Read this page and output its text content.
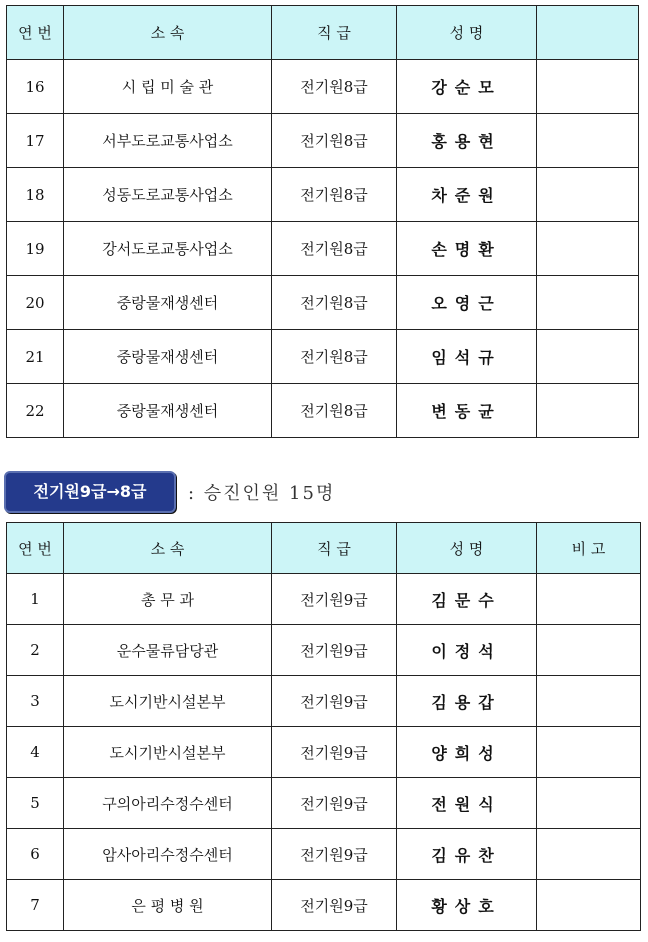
연 번	소 속	직 급	성 명	
16	시 립 미 술 관	전기원8급	강순모	
17	서부도로교통사업소	전기원8급	홍용현	
18	성동도로교통사업소	전기원8급	차준원	
19	강서도로교통사업소	전기원8급	손명환	
20	중랑물재생센터	전기원8급	오영근	
21	중랑물재생센터	전기원8급	임석규	
22	중랑물재생센터	전기원8급	변동균	
전기원9급→8급	: 승진인원 15명
연 번	소 속	직 급	성 명	비 고
1	총 무 과	전기원9급	김문수	
2	운수물류담당관	전기원9급	이정석	
3	도시기반시설본부	전기원9급	김용갑	
4	도시기반시설본부	전기원9급	양희성	
5	구의아리수정수센터	전기원9급	전원식	
6	암사아리수정수센터	전기원9급	김유찬	
7	은 평 병 원	전기원9급	황상호	
